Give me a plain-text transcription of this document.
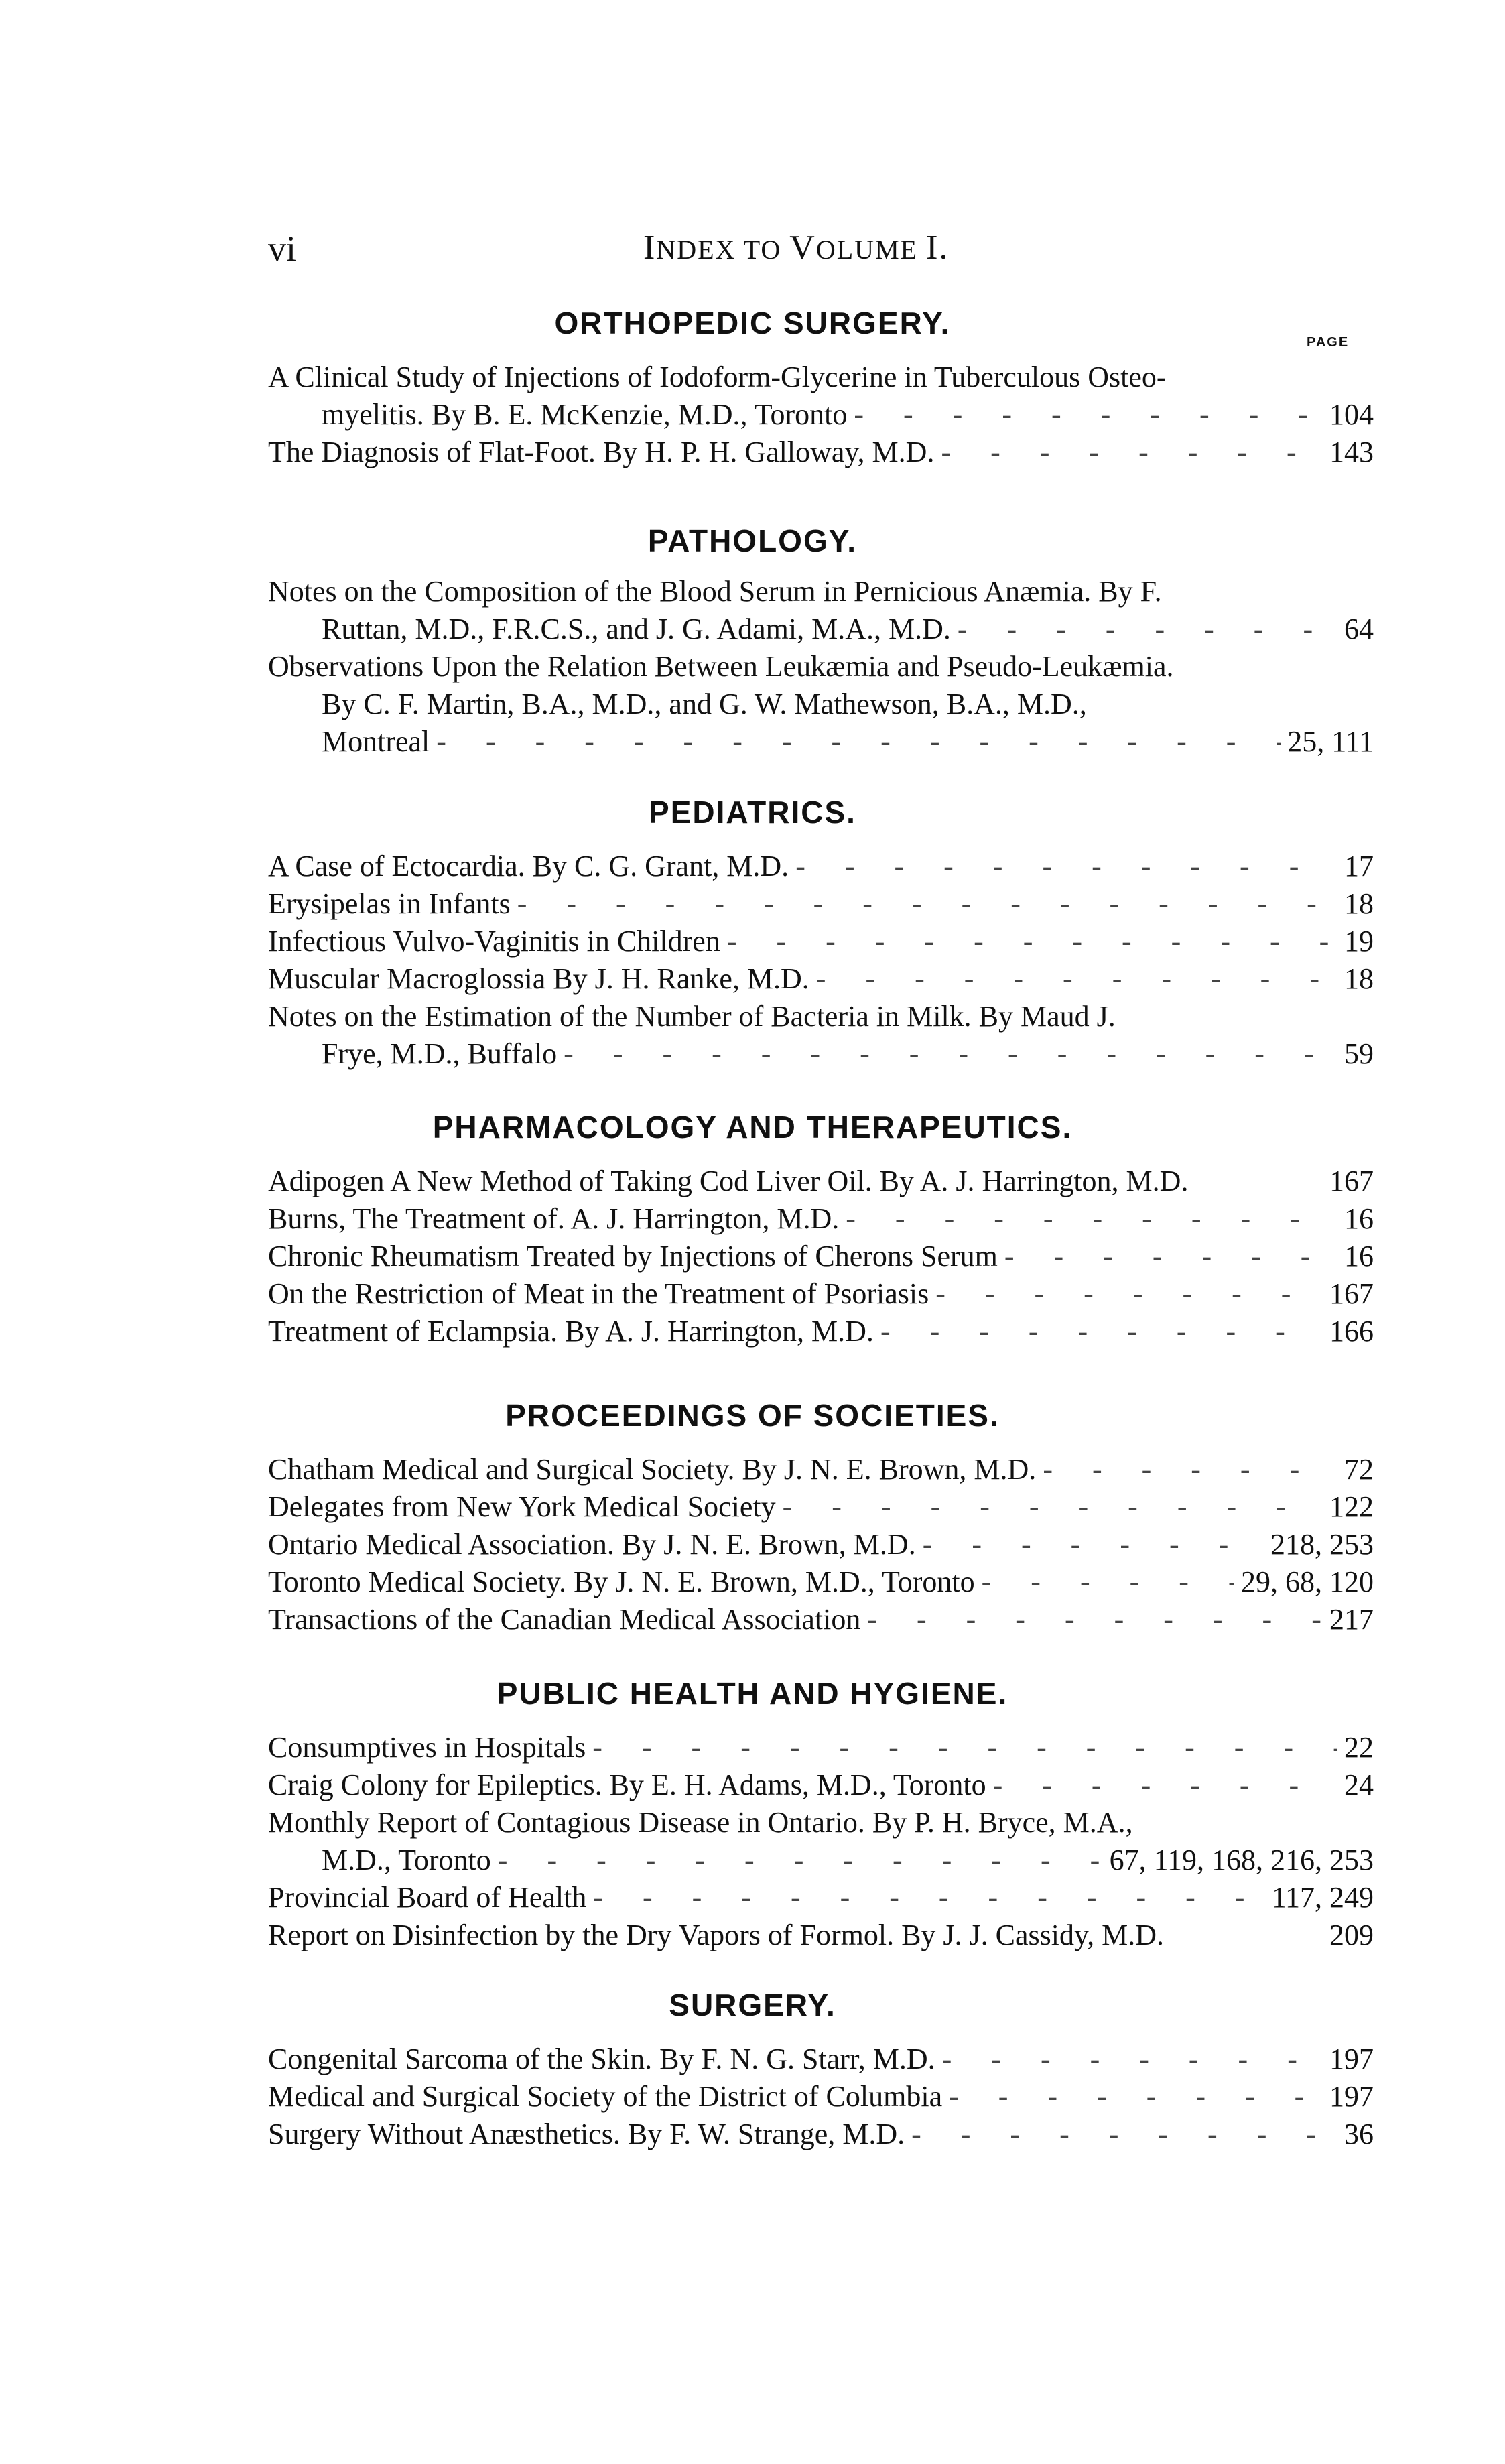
vi	INDEX TO VOLUME I.
PAGE
ORTHOPEDIC SURGERY.
A Clinical Study of Injections of Iodoform-Glycerine in Tuberculous Osteo-
myelitis. By B. E. McKenzie, M.D., Toronto - - -	104
The Diagnosis of Flat-Foot. By H. P. H. Galloway, M.D. - - -	143
PATHOLOGY.
Notes on the Composition of the Blood Serum in Pernicious Anæmia. By F.
Ruttan, M.D., F.R.C.S., and J. G. Adami, M.A., M.D. - - -	64
Observations Upon the Relation Between Leukæmia and Pseudo-Leukæmia.
By C. F. Martin, B.A., M.D., and G. W. Mathewson, B.A., M.D.,
Montreal - - -	25, 111
PEDIATRICS.
A Case of Ectocardia. By C. G. Grant, M.D. - - -	17
Erysipelas in Infants - - -	18
Infectious Vulvo-Vaginitis in Children - - -	19
Muscular Macroglossia By J. H. Ranke, M.D. - - -	18
Notes on the Estimation of the Number of Bacteria in Milk. By Maud J.
Frye, M.D., Buffalo - - -	59
PHARMACOLOGY AND THERAPEUTICS.
Adipogen A New Method of Taking Cod Liver Oil. By A. J. Harrington, M.D.	167
Burns, The Treatment of. A. J. Harrington, M.D. - - -	16
Chronic Rheumatism Treated by Injections of Cherons Serum - - -	16
On the Restriction of Meat in the Treatment of Psoriasis - - -	167
Treatment of Eclampsia. By A. J. Harrington, M.D. - - -	166
PROCEEDINGS OF SOCIETIES.
Chatham Medical and Surgical Society. By J. N. E. Brown, M.D. - - -	72
Delegates from New York Medical Society - - -	122
Ontario Medical Association. By J. N. E. Brown, M.D. - - -	218, 253
Toronto Medical Society. By J. N. E. Brown, M.D., Toronto - - -	29, 68, 120
Transactions of the Canadian Medical Association - - -	217
PUBLIC HEALTH AND HYGIENE.
Consumptives in Hospitals - - -	22
Craig Colony for Epileptics. By E. H. Adams, M.D., Toronto - - -	24
Monthly Report of Contagious Disease in Ontario. By P. H. Bryce, M.A.,
M.D., Toronto - - -	67, 119, 168, 216, 253
Provincial Board of Health - - -	117, 249
Report on Disinfection by the Dry Vapors of Formol. By J. J. Cassidy, M.D.	209
SURGERY.
Congenital Sarcoma of the Skin. By F. N. G. Starr, M.D. - - -	197
Medical and Surgical Society of the District of Columbia - - -	197
Surgery Without Anæsthetics. By F. W. Strange, M.D. - - -	36
